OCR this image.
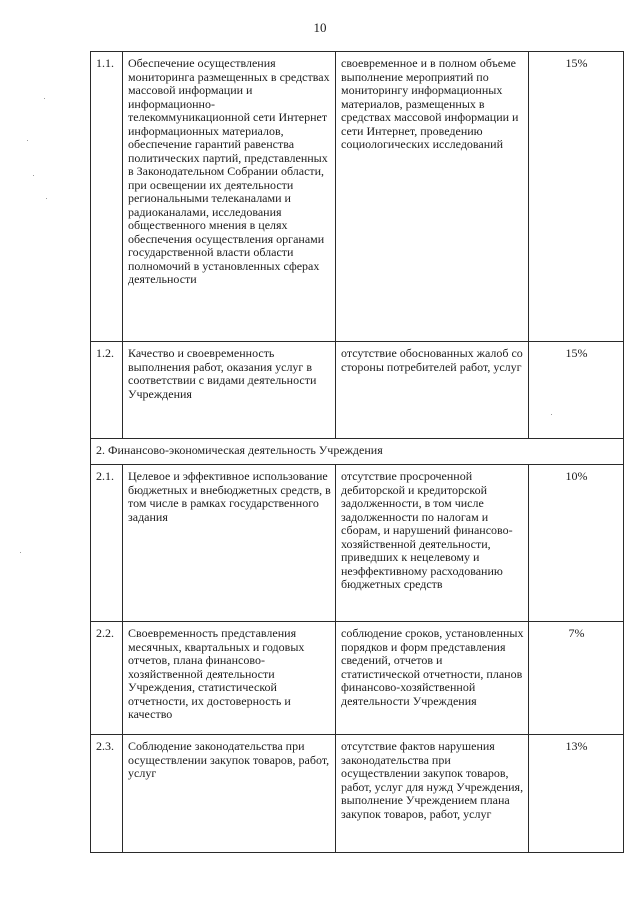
10
1.1.	Обеспечение осуществления мониторинга размещенных в средствах массовой информации и информационно-телекоммуникационной сети Интернет информационных материалов, обеспечение гарантий равенства политических партий, представленных в Законодательном Собрании области, при освещении их деятельности региональными телеканалами и радиоканалами, исследования общественного мнения в целях обеспечения осуществления органами государственной власти области полномочий в установленных сферах деятельности	своевременное и в полном объеме выполнение мероприятий по мониторингу информационных материалов, размещенных в средствах массовой информации и сети Интернет, проведению социологических исследований	15%
1.2.	Качество и своевременность выполнения работ, оказания услуг в соответствии с видами деятельности Учреждения	отсутствие обоснованных жалоб со стороны потребителей работ, услуг	15%
2. Финансово-экономическая деятельность Учреждения			
2.1.	Целевое и эффективное использование бюджетных и внебюджетных средств, в том числе в рамках государственного задания	отсутствие просроченной дебиторской и кредиторской задолженности, в том числе задолженности по налогам и сборам, и нарушений финансово-хозяйственной деятельности, приведших к нецелевому и неэффективному расходованию бюджетных средств	10%
2.2.	Своевременность представления месячных, квартальных и годовых отчетов, плана финансово-хозяйственной деятельности Учреждения, статистической отчетности, их достоверность и качество	соблюдение сроков, установленных порядков и форм представления сведений, отчетов и статистической отчетности, планов финансово-хозяйственной деятельности Учреждения	7%
2.3.	Соблюдение законодательства при осуществлении закупок товаров, работ, услуг	отсутствие фактов нарушения законодательства при осуществлении закупок товаров, работ, услуг для нужд Учреждения, выполнение Учреждением плана закупок товаров, работ, услуг	13%
